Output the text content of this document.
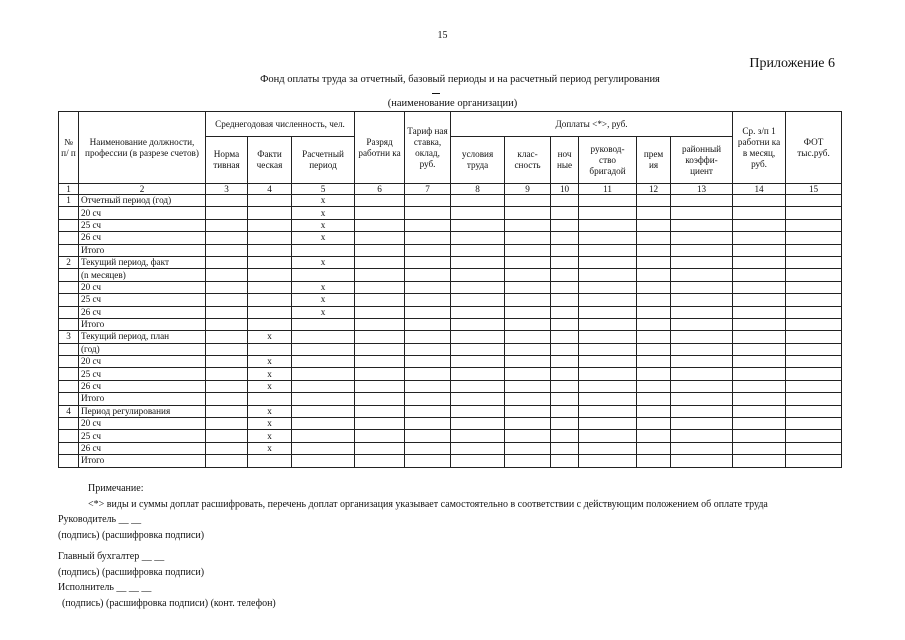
15
Приложение 6
Фонд оплаты труда за отчетный, базовый периоды и на расчетный период регулирования
(наименование организации)
№ п/ п	Наименование должности, профессии (в разрезе счетов)	Среднегодовая численность, чел.			Разряд работни ка	Тариф ная ставка, оклад, руб.	Доплаты <*>, руб.						Ср. з/п 1 работни ка в месяц, руб.	ФОТ тыс.руб.
		Норма тивная	Факти ческая	Расчетный период			условия труда	клас- сность	ноч ные	руковод- ство бригадой	прем ия	районный коэффи- циент		
1	2	3	4	5	6	7	8	9	10	11	12	13	14	15
1	Отчетный период (год)			x										
	20 сч			x										
	25 сч			x										
	26 сч			x										
	Итого													
2	Текущий период, факт			x										
	(n месяцев)													
	20 сч			x										
	25 сч			x										
	26 сч			x										
	Итого													
3	Текущий период, план		x											
	(год)													
	20 сч		x											
	25 сч		x											
	26 сч		x											
	Итого													
4	Период регулирования		x											
	20 сч		x											
	25 сч		x											
	26 сч		x											
	Итого													
Примечание:
<*> виды и суммы доплат расшифровать, перечень доплат организация указывает самостоятельно в соответствии с действующим положением об оплате труда
Руководитель __ __
(подпись) (расшифровка подписи)
Главный бухгалтер __ __
(подпись) (расшифровка подписи)
Исполнитель __ __ __
(подпись) (расшифровка подписи) (конт. телефон)
